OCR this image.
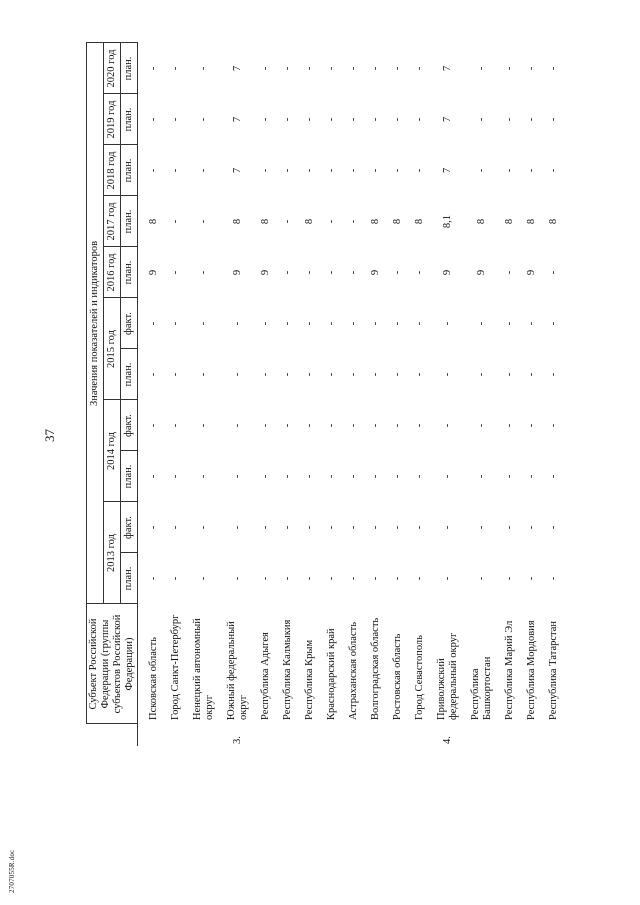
37
2707055R.doc
	Субъект Российской Федерации (группы субъектов Российской Федерации)	Значения показателей и индикаторов										
		2013 год		2014 год		2015 год		2016 год	2017 год	2018 год	2019 год	2020 год
		план.	факт.	план.	факт.	план.	факт.	план.	план.	план.	план.	план.
	Псковская область	-	-	-	-	-	-	9	8	-	-	-
	Город Санкт-Петербург	-	-	-	-	-	-	-	-	-	-	-
	Ненецкий автономный округ	-	-	-	-	-	-	-	-	-	-	-
3.	Южный федеральный округ	-	-	-	-	-	-	9	8	7	7	7
	Республика Адыгея	-	-	-	-	-	-	9	8	-	-	-
	Республика Калмыкия	-	-	-	-	-	-	-	-	-	-	-
	Республика Крым	-	-	-	-	-	-	-	8	-	-	-
	Краснодарский край	-	-	-	-	-	-	-	-	-	-	-
	Астраханская область	-	-	-	-	-	-	-	-	-	-	-
	Волгоградская область	-	-	-	-	-	-	9	8	-	-	-
	Ростовская область	-	-	-	-	-	-	-	8	-	-	-
	Город Севастополь	-	-	-	-	-	-	-	8	-	-	-
4.	Приволжский федеральный округ	-	-	-	-	-	-	9	8,1	7	7	7
	Республика Башкортостан	-	-	-	-	-	-	9	8	-	-	-
	Республика Марий Эл	-	-	-	-	-	-	-	8	-	-	-
	Республика Мордовия	-	-	-	-	-	-	9	8	-	-	-
	Республика Татарстан	-	-	-	-	-	-	-	8	-	-	-
